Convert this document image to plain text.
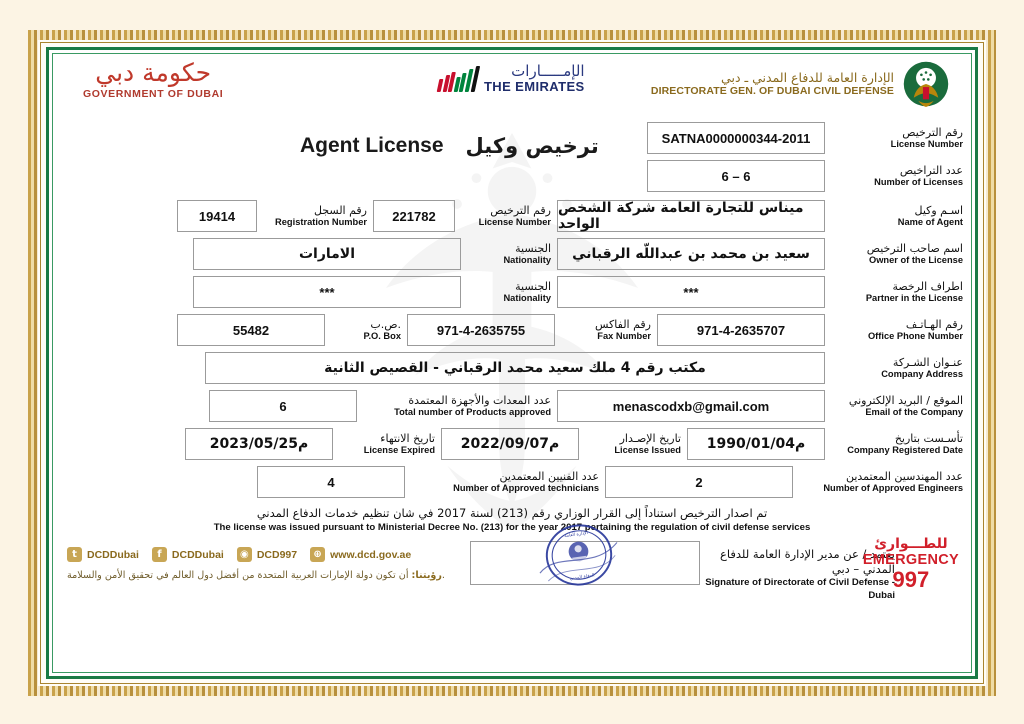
حكومة دبي
GOVERNMENT OF DUBAI
الإمـــــارات
THE EMIRATES
الإدارة العامة للدفاع المدني ـ دبي
DIRECTORATE GEN. OF DUBAI CIVIL DEFENSE
Agent License ترخيص وكيل	SATNA0000000344-2011	رقم الترخيص
License Number
6 – 6	عدد التراخيص
Number of Licenses
19414	رقم السجل
Registration Number	221782	رقم الترخيص
License Number
ميناس للتجارة العامة شركة الشخص الواحد
اسـم وكيل
Name of Agent
الامارات	الجنسية
Nationality	سعيد بن محمد بن عبداللّه الرقباني	اسم صاحب الترخيص
Owner of the License
***	الجنسية
Nationality	***	اطراف الرخصة
Partner in the License
55482	ص.ب.
P.O. Box	971-4-2635755	رقم الفاكس
Fax Number	971-4-2635707	رقم الهـاتـف
Office Phone Number
مكتب رقم 4 ملك سعيد محمد الرقباني - القصيص الثانية	عنـوان الشـركة
Company Address
6	عدد المعدات والأجهزة المعتمدة
Total number of Products approved	menascodxb@gmail.com	الموقع / البريد الإلكتروني
Email of the Company
2023/05/25م	تاريخ الانتهاء
License Expired	2022/09/07م	تاريخ الإصـدار
License Issued	1990/01/04م	تأسـست بتاريخ
Company Registered Date
4	عدد الفنيين المعتمدين
Number of Approved technicians	2	عدد المهندسين المعتمدين
Number of Approved Engineers
تم اصدار الترخيص استناداً إلى القرار الوزاري رقم (213) لسنة 2017 في شان تنظيم خدمات الدفاع المدني
The license was issued pursuant to Ministerial Decree No. (213) for the year 2017 pertaining the regulation of civil defense services
t DCDDubai	f DCDDubai	◉ DCD997	⊕ www.dcd.gov.ae
رؤيتنا: أن تكون دولة الإمارات العربية المتحدة من أفضل دول العالم في تحقيق الأمن والسلامة.
الإدارة العامة
الدفاع المدني
يعتمد / عن مدير الإدارة العامة للدفاع المدني – دبي
Signature of Directorate of Civil Defense - Dubai
للطـــوارئ
EMERGENCY
997
